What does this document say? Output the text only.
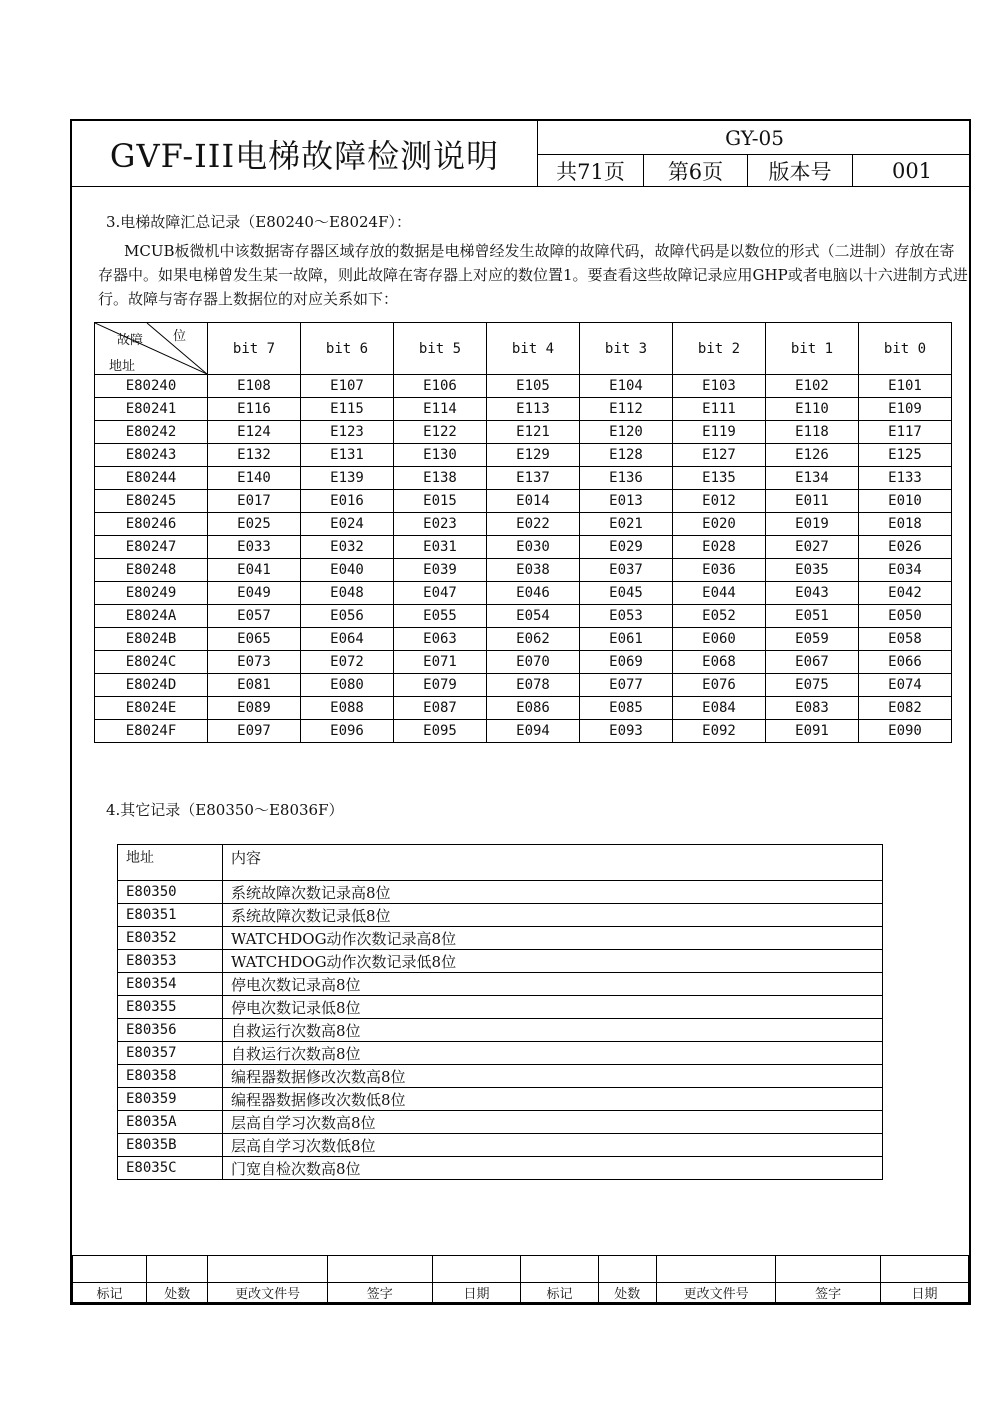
GVF-III电梯故障检测说明	GY-05
共71页	第6页	版本号	001
3.电梯故障汇总记录（E80240～E8024F）：
MCUB板微机中该数据寄存器区域存放的数据是电梯曾经发生故障的故障代码，故障代码是以数位的形式（二进制）存放在寄存器中。如果电梯曾发生某一故障，则此故障在寄存器上对应的数位置1。要查看这些故障记录应用GHP或者电脑以十六进制方式进行。故障与寄存器上数据位的对应关系如下：
故障 位
地址	bit 7	bit 6	bit 5	bit 4	bit 3	bit 2	bit 1	bit 0
E80240	E108	E107	E106	E105	E104	E103	E102	E101
E80241	E116	E115	E114	E113	E112	E111	E110	E109
E80242	E124	E123	E122	E121	E120	E119	E118	E117
E80243	E132	E131	E130	E129	E128	E127	E126	E125
E80244	E140	E139	E138	E137	E136	E135	E134	E133
E80245	E017	E016	E015	E014	E013	E012	E011	E010
E80246	E025	E024	E023	E022	E021	E020	E019	E018
E80247	E033	E032	E031	E030	E029	E028	E027	E026
E80248	E041	E040	E039	E038	E037	E036	E035	E034
E80249	E049	E048	E047	E046	E045	E044	E043	E042
E8024A	E057	E056	E055	E054	E053	E052	E051	E050
E8024B	E065	E064	E063	E062	E061	E060	E059	E058
E8024C	E073	E072	E071	E070	E069	E068	E067	E066
E8024D	E081	E080	E079	E078	E077	E076	E075	E074
E8024E	E089	E088	E087	E086	E085	E084	E083	E082
E8024F	E097	E096	E095	E094	E093	E092	E091	E090
4.其它记录（E80350～E8036F）
地址	内容
E80350	系统故障次数记录高8位
E80351	系统故障次数记录低8位
E80352	WATCHDOG动作次数记录高8位
E80353	WATCHDOG动作次数记录低8位
E80354	停电次数记录高8位
E80355	停电次数记录低8位
E80356	自救运行次数高8位
E80357	自救运行次数高8位
E80358	编程器数据修改次数高8位
E80359	编程器数据修改次数低8位
E8035A	层高自学习次数高8位
E8035B	层高自学习次数低8位
E8035C	门宽自检次数高8位

标记	处数	更改文件号	签字	日期	标记	处数	更改文件号	签字	日期
